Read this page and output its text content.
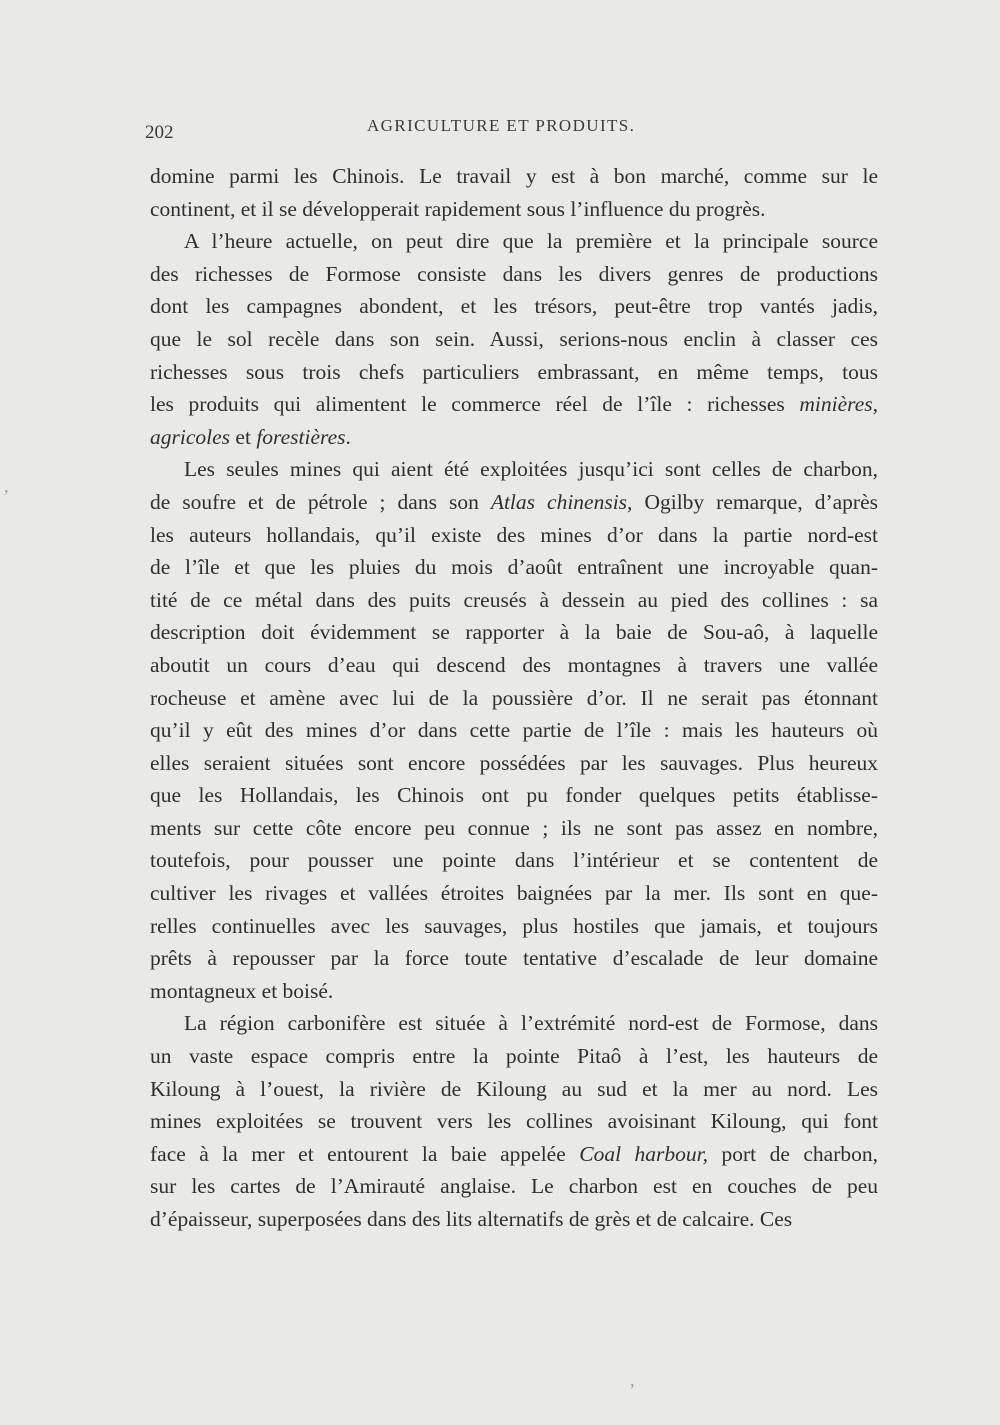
202	AGRICULTURE ET PRODUITS.

domine parmi les Chinois. Le travail y est à bon marché, comme sur le
continent, et il se développerait rapidement sous l’influence du progrès.

A l’heure actuelle, on peut dire que la première et la principale source
des richesses de Formose consiste dans les divers genres de productions
dont les campagnes abondent, et les trésors, peut-être trop vantés jadis,
que le sol recèle dans son sein. Aussi, serions-nous enclin à classer ces
richesses sous trois chefs particuliers embrassant, en même temps, tous
les produits qui alimentent le commerce réel de l’île : richesses minières,
agricoles et forestières.

Les seules mines qui aient été exploitées jusqu’ici sont celles de charbon,
de soufre et de pétrole ; dans son Atlas chinensis, Ogilby remarque, d’après
les auteurs hollandais, qu’il existe des mines d’or dans la partie nord-est
de l’île et que les pluies du mois d’août entraînent une incroyable quan-
tité de ce métal dans des puits creusés à dessein au pied des collines : sa
description doit évidemment se rapporter à la baie de Sou-aô, à laquelle
aboutit un cours d’eau qui descend des montagnes à travers une vallée
rocheuse et amène avec lui de la poussière d’or. Il ne serait pas étonnant
qu’il y eût des mines d’or dans cette partie de l’île : mais les hauteurs où
elles seraient situées sont encore possédées par les sauvages. Plus heureux
que les Hollandais, les Chinois ont pu fonder quelques petits établisse-
ments sur cette côte encore peu connue ; ils ne sont pas assez en nombre,
toutefois, pour pousser une pointe dans l’intérieur et se contentent de
cultiver les rivages et vallées étroites baignées par la mer. Ils sont en que-
relles continuelles avec les sauvages, plus hostiles que jamais, et toujours
prêts à repousser par la force toute tentative d’escalade de leur domaine
montagneux et boisé.

La région carbonifère est située à l’extrémité nord-est de Formose, dans
un vaste espace compris entre la pointe Pitaô à l’est, les hauteurs de
Kiloung à l’ouest, la rivière de Kiloung au sud et la mer au nord. Les
mines exploitées se trouvent vers les collines avoisinant Kiloung, qui font
face à la mer et entourent la baie appelée Coal harbour, port de charbon,
sur les cartes de l’Amirauté anglaise. Le charbon est en couches de peu
d’épaisseur, superposées dans des lits alternatifs de grès et de calcaire. Ces

,
,
